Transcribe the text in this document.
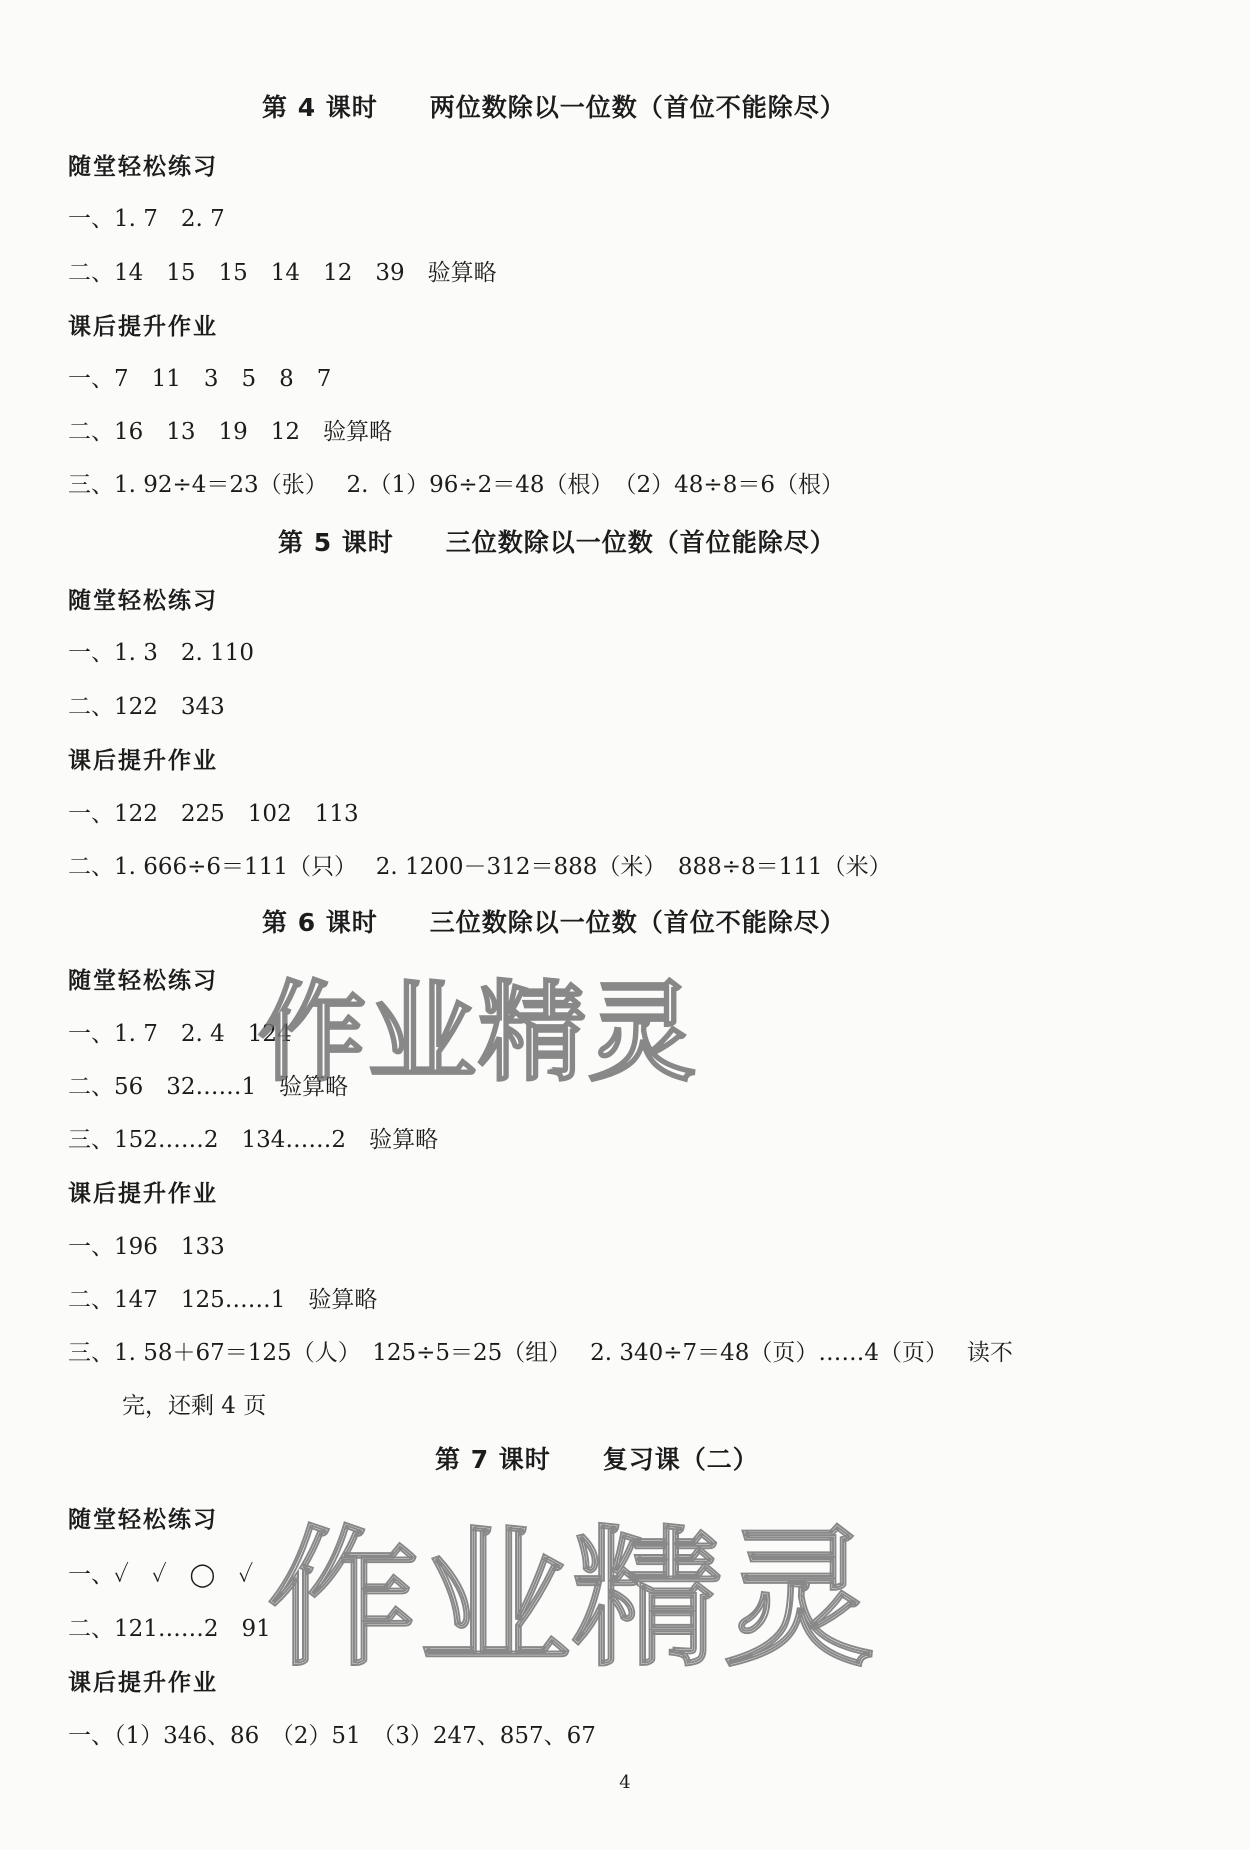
第 4 课时　　两位数除以一位数（首位不能除尽）
随堂轻松练习
一、1. 7　2. 7
二、14　15　15　14　12　39　验算略
课后提升作业
一、7　11　3　5　8　7
二、16　13　19　12　验算略
三、1. 92÷4＝23（张）　 2.（1）96÷2＝48（根）　（2）48÷8＝6（根）
第 5 课时　　三位数除以一位数（首位能除尽）
随堂轻松练习
一、1. 3　2. 110
二、122　343
课后提升作业
一、122　225　102　113
二、1. 666÷6＝111（只）　 2. 1200－312＝888（米）　888÷8＝111（米）
第 6 课时　　三位数除以一位数（首位不能除尽）
随堂轻松练习
一、1. 7　2. 4　124
二、56　32……1　验算略
三、152……2　134……2　验算略
课后提升作业
一、196　133
二、147　125……1　验算略
三、1. 58＋67＝125（人）　125÷5＝25（组）　 2. 340÷7＝48（页）……4（页）　 读不
完，还剩 4 页
第 7 课时　　复习课（二）
随堂轻松练习
一、✓　✓　◯　✓
二、121……2　91
课后提升作业
一、（1）346、86　（2）51　（3）247、857、67
4
作业精灵
作业精灵
